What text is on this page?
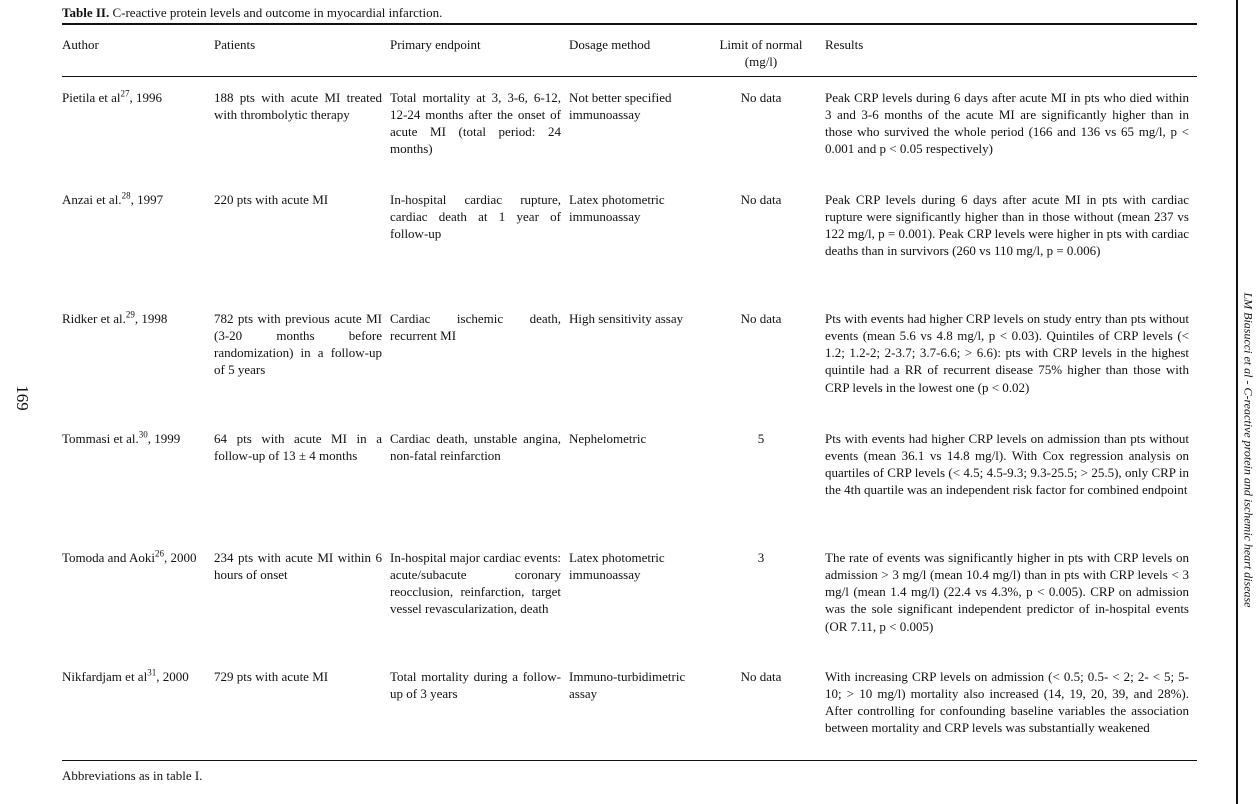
169	LM Biasucci et al - C-reactive protein and ischemic heart disease
Table II. C-reactive protein levels and outcome in myocardial infarction.
Author	Patients	Primary endpoint	Dosage method	Limit of normal
(mg/l)	Results
Pietila et $al^{27}$, 1996	188 pts with acute MI treated with thrombolytic therapy	Total mortality at 3, 3-6, 6-12, 12-24 months after the onset of acute MI (total period: 24 months)	Not better specified immunoassay	No data	Peak CRP levels during 6 days after acute MI in pts who died within 3 and 3-6 months of the acute MI are significantly higher than in those who survived the whole period (166 and 136 vs 65 mg/l, p < 0.001 and p < 0.05 respectively)
Anzai et al.$^{28}$, 1997	220 pts with acute MI	In-hospital cardiac rupture, cardiac death at 1 year of follow-up	Latex photometric immunoassay	No data	Peak CRP levels during 6 days after acute MI in pts with cardiac rupture were significantly higher than in those without (mean 237 vs 122 mg/l, p = 0.001). Peak CRP levels were higher in pts with cardiac deaths than in survivors (260 vs 110 mg/l, p = 0.006)
Ridker et al.$^{29}$, 1998	782 pts with previous acute MI (3-20 months before randomization) in a follow-up of 5 years	Cardiac ischemic death, recurrent MI	High sensitivity assay	No data	Pts with events had higher CRP levels on study entry than pts without events (mean 5.6 vs 4.8 mg/l, p < 0.03). Quintiles of CRP levels (< 1.2; 1.2-2; 2-3.7; 3.7-6.6; > 6.6): pts with CRP levels in the highest quintile had a RR of recurrent disease 75% higher than those with CRP levels in the lowest one (p < 0.02)
Tommasi et al.$^{30}$, 1999	64 pts with acute MI in a follow-up of 13 ± 4 months	Cardiac death, unstable angina, non-fatal reinfarction	Nephelometric	5	Pts with events had higher CRP levels on admission than pts without events (mean 36.1 vs 14.8 mg/l). With Cox regression analysis on quartiles of CRP levels (< 4.5; 4.5-9.3; 9.3-25.5; > 25.5), only CRP in the 4th quartile was an independent risk factor for combined endpoint
Tomoda and Aoki$^{26}$, 2000	234 pts with acute MI within 6 hours of onset	In-hospital major cardiac events: acute/subacute coronary reocclusion, reinfarction, target vessel revascularization, death	Latex photometric immunoassay	3	The rate of events was significantly higher in pts with CRP levels on admission > 3 mg/l (mean 10.4 mg/l) than in pts with CRP levels < 3 mg/l (mean 1.4 mg/l) (22.4 vs 4.3%, p < 0.005). CRP on admission was the sole significant independent predictor of in-hospital events (OR 7.11, p < 0.005)
Nikfardjam et $al^{31}$, 2000	729 pts with acute MI	Total mortality during a follow-up of 3 years	Immuno-turbidimetric assay	No data	With increasing CRP levels on admission (< 0.5; 0.5- < 2; 2- < 5; 5-10; > 10 mg/l) mortality also increased (14, 19, 20, 39, and 28%). After controlling for confounding baseline variables the association between mortality and CRP levels was substantially weakened
Abbreviations as in table I.
